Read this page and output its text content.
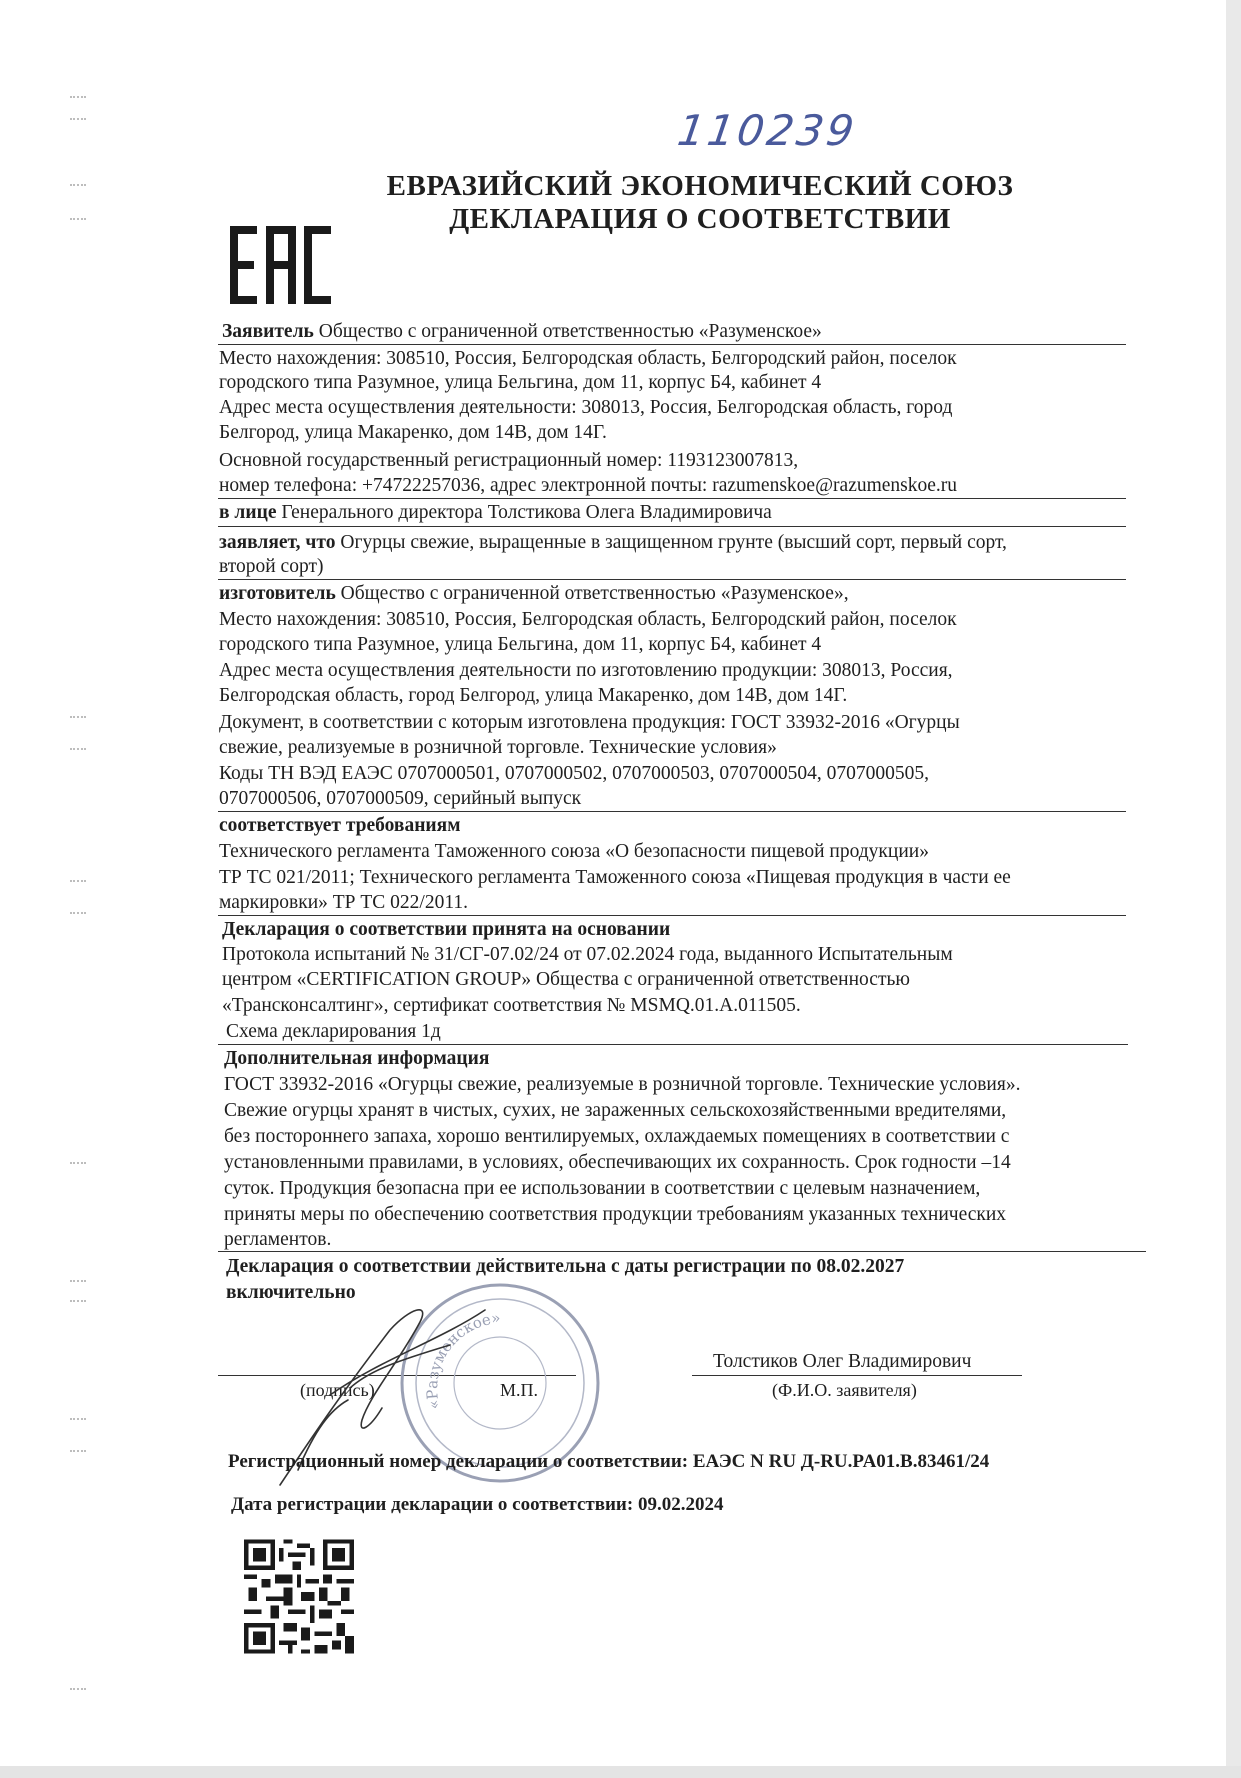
110239
ЕВРАЗИЙСКИЙ ЭКОНОМИЧЕСКИЙ СОЮЗ
ДЕКЛАРАЦИЯ О СООТВЕТСТВИИ
Заявитель Общество с ограниченной ответственностью «Разуменское»
Место нахождения: 308510, Россия, Белгородская область, Белгородский район, поселок
городского типа Разумное, улица Бельгина, дом 11, корпус Б4, кабинет 4
Адрес места осуществления деятельности: 308013, Россия, Белгородская область, город
Белгород, улица Макаренко, дом 14В, дом 14Г.
Основной государственный регистрационный номер: 1193123007813,
номер телефона: +74722257036, адрес электронной почты: razumenskoe@razumenskoe.ru
в лице Генерального директора Толстикова Олега Владимировича
заявляет, что Огурцы свежие, выращенные в защищенном грунте (высший сорт, первый сорт,
второй сорт)
изготовитель Общество с ограниченной ответственностью «Разуменское»,
Место нахождения: 308510, Россия, Белгородская область, Белгородский район, поселок
городского типа Разумное, улица Бельгина, дом 11, корпус Б4, кабинет 4
Адрес места осуществления деятельности по изготовлению продукции: 308013, Россия,
Белгородская область, город Белгород, улица Макаренко, дом 14В, дом 14Г.
Документ, в соответствии с которым изготовлена продукция: ГОСТ 33932-2016 «Огурцы
свежие, реализуемые в розничной торговле. Технические условия»
Коды ТН ВЭД ЕАЭС 0707000501, 0707000502, 0707000503, 0707000504, 0707000505,
0707000506, 0707000509, серийный выпуск
соответствует требованиям
Технического регламента Таможенного союза «О безопасности пищевой продукции»
ТР ТС 021/2011; Технического регламента Таможенного союза «Пищевая продукция в части ее
маркировки» ТР ТС 022/2011.
Декларация о соответствии принята на основании
Протокола испытаний № 31/СГ-07.02/24 от 07.02.2024 года, выданного Испытательным
центром «CERTIFICATION GROUP» Общества с ограниченной ответственностью
«Трансконсалтинг», сертификат соответствия № MSMQ.01.A.011505.
Схема декларирования 1д
Дополнительная информация
ГОСТ 33932-2016 «Огурцы свежие, реализуемые в розничной торговле. Технические условия».
Свежие огурцы хранят в чистых, сухих, не зараженных сельскохозяйственными вредителями,
без постороннего запаха, хорошо вентилируемых, охлаждаемых помещениях в соответствии с
установленными правилами, в условиях, обеспечивающих их сохранность. Срок годности –14
суток. Продукция безопасна при ее использовании в соответствии с целевым назначением,
приняты меры по обеспечению соответствия продукции требованиям указанных технических
регламентов.
Декларация о соответствии действительна с даты регистрации по 08.02.2027
включительно
Толстиков Олег Владимирович
(подпись)	М.П.	(Ф.И.О. заявителя)
«Разуменское»
Регистрационный номер декларации о соответствии: ЕАЭС N RU Д-RU.PA01.B.83461/24
Дата регистрации декларации о соответствии: 09.02.2024
